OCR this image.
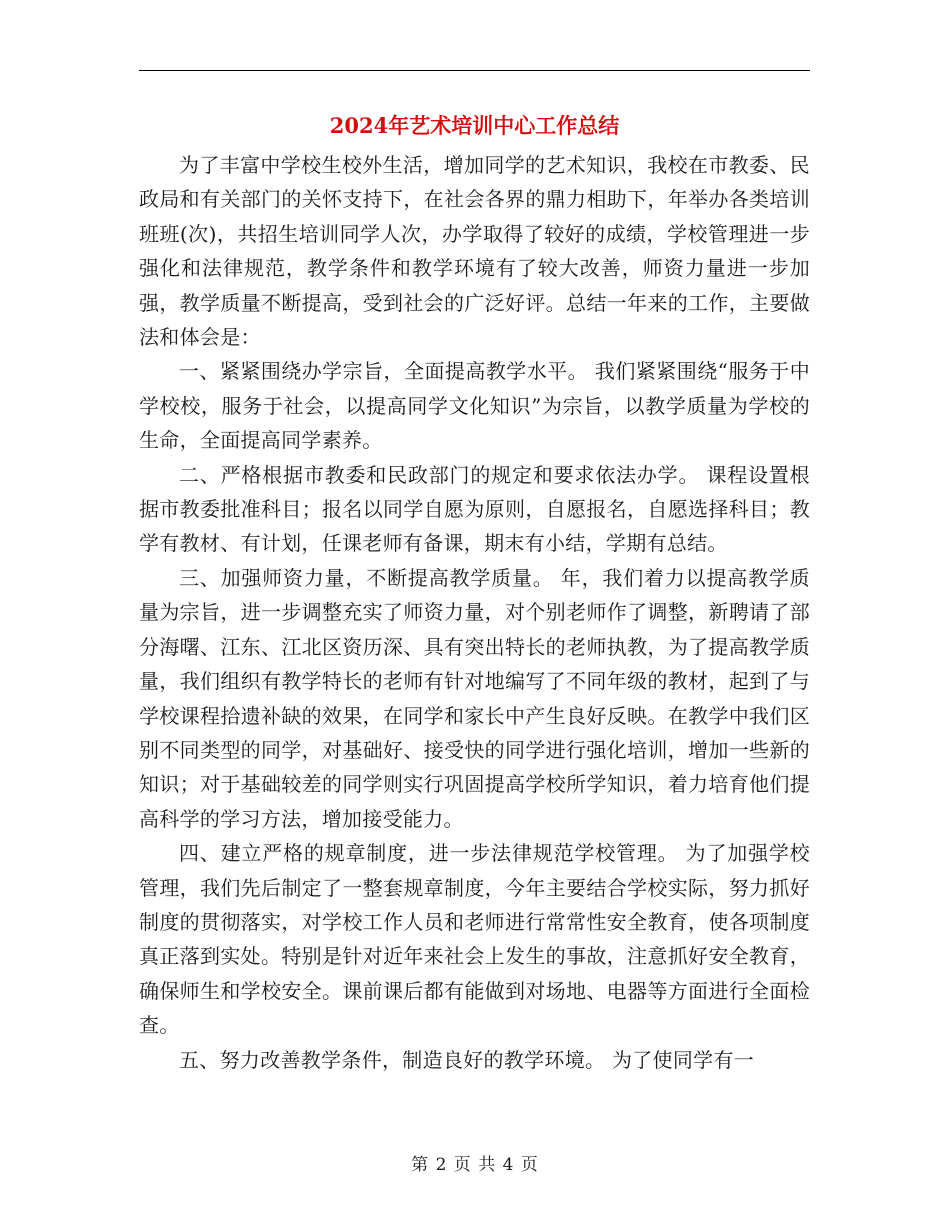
2024年艺术培训中心工作总结

为了丰富中学校生校外生活，增加同学的艺术知识，我校在市教委、民政局和有关部门的关怀支持下，在社会各界的鼎力相助下，年举办各类培训班班(次)，共招生培训同学人次，办学取得了较好的成绩，学校管理进一步强化和法律规范，教学条件和教学环境有了较大改善，师资力量进一步加强，教学质量不断提高，受到社会的广泛好评。总结一年来的工作，主要做法和体会是：

一、紧紧围绕办学宗旨，全面提高教学水平。 我们紧紧围绕“服务于中学校校，服务于社会，以提高同学文化知识”为宗旨，以教学质量为学校的生命，全面提高同学素养。

二、严格根据市教委和民政部门的规定和要求依法办学。 课程设置根据市教委批准科目；报名以同学自愿为原则，自愿报名，自愿选择科目；教学有教材、有计划，任课老师有备课，期末有小结，学期有总结。

三、加强师资力量，不断提高教学质量。 年，我们着力以提高教学质量为宗旨，进一步调整充实了师资力量，对个别老师作了调整，新聘请了部分海曙、江东、江北区资历深、具有突出特长的老师执教，为了提高教学质量，我们组织有教学特长的老师有针对地编写了不同年级的教材，起到了与学校课程拾遗补缺的效果，在同学和家长中产生良好反映。在教学中我们区别不同类型的同学，对基础好、接受快的同学进行强化培训，增加一些新的知识；对于基础较差的同学则实行巩固提高学校所学知识，着力培育他们提高科学的学习方法，增加接受能力。

四、建立严格的规章制度，进一步法律规范学校管理。 为了加强学校管理，我们先后制定了一整套规章制度，今年主要结合学校实际，努力抓好制度的贯彻落实，对学校工作人员和老师进行常常性安全教育，使各项制度真正落到实处。特别是针对近年来社会上发生的事故，注意抓好安全教育，确保师生和学校安全。课前课后都有能做到对场地、电器等方面进行全面检查。

五、努力改善教学条件，制造良好的教学环境。 为了使同学有一

第 2 页 共 4 页
